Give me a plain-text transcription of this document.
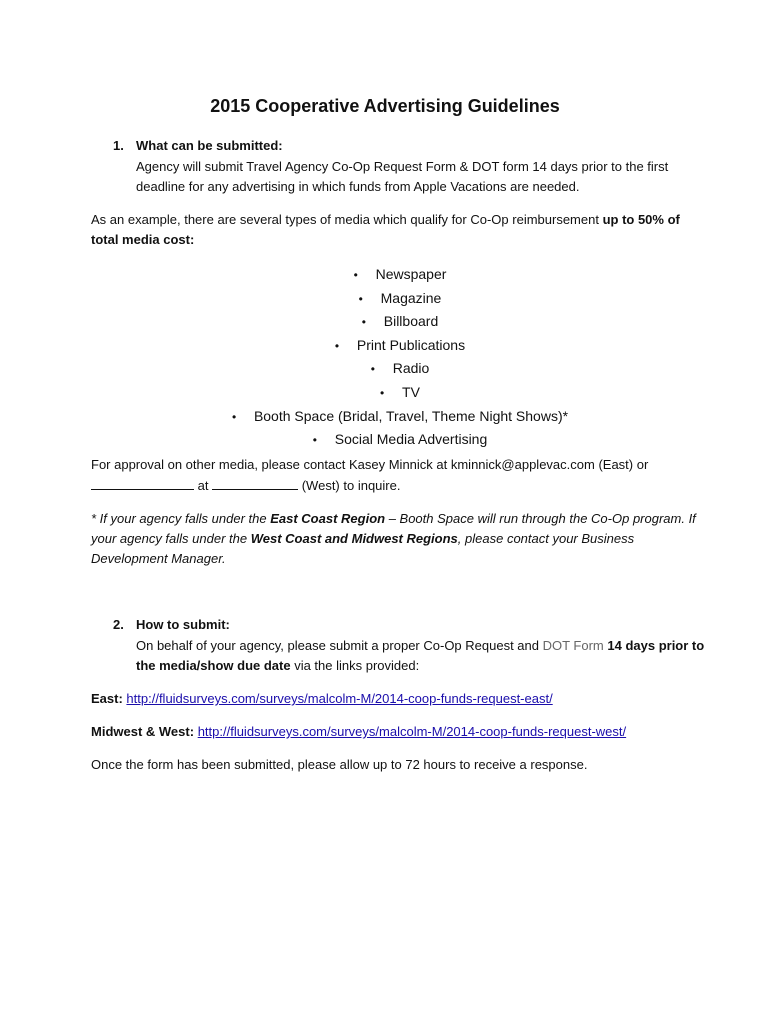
2015 Cooperative Advertising Guidelines
1. What can be submitted:
Agency will submit Travel Agency Co-Op Request Form & DOT form 14 days prior to the first
deadline for any advertising in which funds from Apple Vacations are needed.
As an example, there are several types of media which qualify for Co-Op reimbursement up to 50% of
total media cost:
• Newspaper
• Magazine
• Billboard
• Print Publications
• Radio
• TV
• Booth Space (Bridal, Travel, Theme Night Shows)*
• Social Media Advertising
For approval on other media, please contact Kasey Minnick at kminnick@applevac.com (East) or
at	(West) to inquire.
* If your agency falls under the East Coast Region – Booth Space will run through the Co-Op program. If
your agency falls under the West Coast and Midwest Regions, please contact your Business
Development Manager.
2. How to submit:
On behalf of your agency, please submit a proper Co-Op Request and DOT Form 14 days prior to
the media/show due date via the links provided:
East: http://fluidsurveys.com/surveys/malcolm-M/2014-coop-funds-request-east/
Midwest & West: http://fluidsurveys.com/surveys/malcolm-M/2014-coop-funds-request-west/
Once the form has been submitted, please allow up to 72 hours to receive a response.
